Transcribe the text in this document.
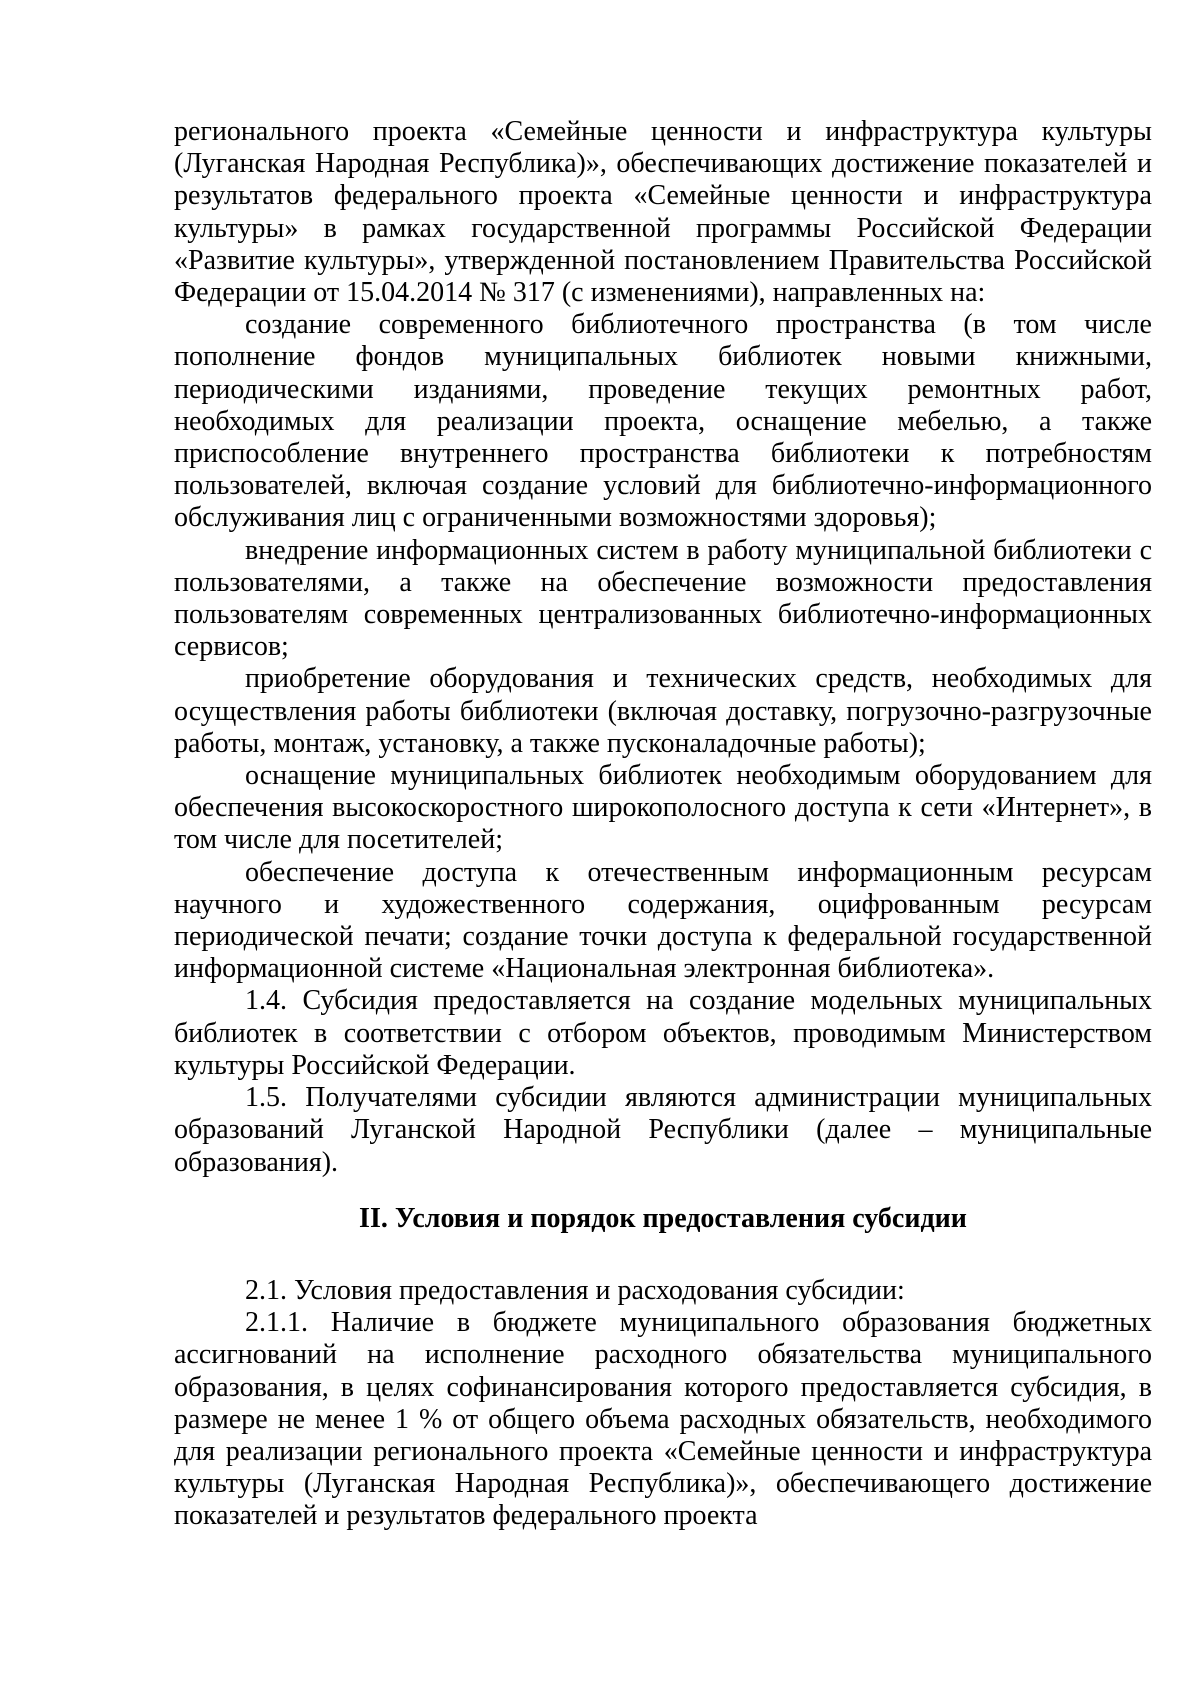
регионального проекта «Семейные ценности и инфраструктура культуры (Луганская Народная Республика)», обеспечивающих достижение показателей и результатов федерального проекта «Семейные ценности и инфраструктура культуры» в рамках государственной программы Российской Федерации «Развитие культуры», утвержденной постановлением Правительства Российской Федерации от 15.04.2014 № 317 (с изменениями), направленных на:

создание современного библиотечного пространства (в том числе пополнение фондов муниципальных библиотек новыми книжными, периодическими изданиями, проведение текущих ремонтных работ, необходимых для реализации проекта, оснащение мебелью, а также приспособление внутреннего пространства библиотеки к потребностям пользователей, включая создание условий для библиотечно-информационного обслуживания лиц с ограниченными возможностями здоровья);

внедрение информационных систем в работу муниципальной библиотеки с пользователями, а также на обеспечение возможности предоставления пользователям современных централизованных библиотечно-информационных сервисов;

приобретение оборудования и технических средств, необходимых для осуществления работы библиотеки (включая доставку, погрузочно-разгрузочные работы, монтаж, установку, а также пусконаладочные работы);

оснащение муниципальных библиотек необходимым оборудованием для обеспечения высокоскоростного широкополосного доступа к сети «Интернет», в том числе для посетителей;

обеспечение доступа к отечественным информационным ресурсам научного и художественного содержания, оцифрованным ресурсам периодической печати; создание точки доступа к федеральной государственной информационной системе «Национальная электронная библиотека».

1.4. Субсидия предоставляется на создание модельных муниципальных библиотек в соответствии с отбором объектов, проводимым Министерством культуры Российской Федерации.

1.5. Получателями субсидии являются администрации муниципальных образований Луганской Народной Республики (далее – муниципальные образования).

II. Условия и порядок предоставления субсидии

2.1. Условия предоставления и расходования субсидии:

2.1.1. Наличие в бюджете муниципального образования бюджетных ассигнований на исполнение расходного обязательства муниципального образования, в целях софинансирования которого предоставляется субсидия, в размере не менее 1 % от общего объема расходных обязательств, необходимого для реализации регионального проекта «Семейные ценности и инфраструктура культуры (Луганская Народная Республика)», обеспечивающего достижение показателей и результатов федерального проекта
